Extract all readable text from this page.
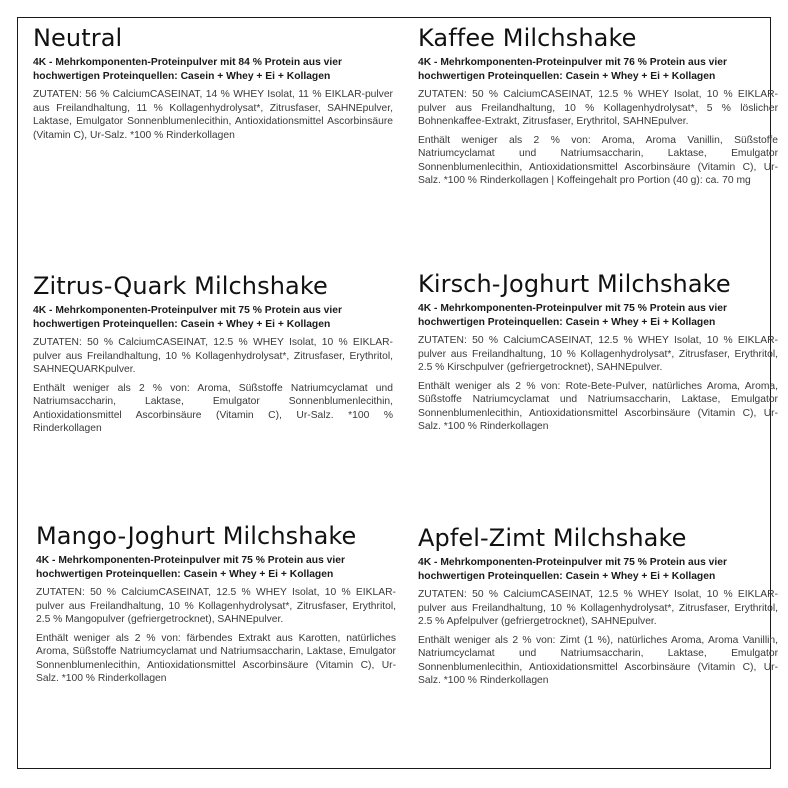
Neutral
4K - Mehrkomponenten-Proteinpulver mit 84 % Protein aus vier hochwertigen Proteinquellen: Casein + Whey + Ei + Kollagen
ZUTATEN: 56 % CalciumCASEINAT, 14 % WHEY Isolat, 11 % EIKLAR-pulver aus Freilandhaltung, 11 % Kollagenhydrolysat*, Zitrusfaser, SAHNEpulver, Laktase, Emulgator Sonnenblumenlecithin, Antioxidationsmittel Ascorbinsäure (Vitamin C), Ur-Salz. *100 % Rinderkollagen
Kaffee Milchshake
4K - Mehrkomponenten-Proteinpulver mit 76 % Protein aus vier hochwertigen Proteinquellen: Casein + Whey + Ei + Kollagen
ZUTATEN: 50 % CalciumCASEINAT, 12.5 % WHEY Isolat, 10 % EIKLAR-pulver aus Freilandhaltung, 10 % Kollagenhydrolysat*, 5 % löslicher Bohnenkaffee-Extrakt, Zitrusfaser, Erythritol, SAHNEpulver.
Enthält weniger als 2 % von: Aroma, Aroma Vanillin, Süßstoffe Natriumcyclamat und Natriumsaccharin, Laktase, Emulgator Sonnenblumenlecithin, Antioxidationsmittel Ascorbinsäure (Vitamin C), Ur-Salz. *100 % Rinderkollagen | Koffeingehalt pro Portion (40 g): ca. 70 mg
Zitrus-Quark Milchshake
4K - Mehrkomponenten-Proteinpulver mit 75 % Protein aus vier hochwertigen Proteinquellen: Casein + Whey + Ei + Kollagen
ZUTATEN: 50 % CalciumCASEINAT, 12.5 % WHEY Isolat, 10 % EIKLAR-pulver aus Freilandhaltung, 10 % Kollagenhydrolysat*, Zitrusfaser, Erythritol, SAHNEQUARKpulver.
Enthält weniger als 2 % von: Aroma, Süßstoffe Natriumcyclamat und Natriumsaccharin, Laktase, Emulgator Sonnenblumenlecithin, Antioxidationsmittel Ascorbinsäure (Vitamin C), Ur-Salz. *100 % Rinderkollagen
Kirsch-Joghurt Milchshake
4K - Mehrkomponenten-Proteinpulver mit 75 % Protein aus vier hochwertigen Proteinquellen: Casein + Whey + Ei + Kollagen
ZUTATEN: 50 % CalciumCASEINAT, 12.5 % WHEY Isolat, 10 % EIKLAR-pulver aus Freilandhaltung, 10 % Kollagenhydrolysat*, Zitrusfaser, Erythritol, 2.5 % Kirschpulver (gefriergetrocknet), SAHNEpulver.
Enthält weniger als 2 % von: Rote-Bete-Pulver, natürliches Aroma, Aroma, Süßstoffe Natriumcyclamat und Natriumsaccharin, Laktase, Emulgator Sonnenblumenlecithin, Antioxidationsmittel Ascorbinsäure (Vitamin C), Ur-Salz. *100 % Rinderkollagen
Mango-Joghurt Milchshake
4K - Mehrkomponenten-Proteinpulver mit 75 % Protein aus vier hochwertigen Proteinquellen: Casein + Whey + Ei + Kollagen
ZUTATEN: 50 % CalciumCASEINAT, 12.5 % WHEY Isolat, 10 % EIKLAR-pulver aus Freilandhaltung, 10 % Kollagenhydrolysat*, Zitrusfaser, Erythritol, 2.5 % Mangopulver (gefriergetrocknet), SAHNEpulver.
Enthält weniger als 2 % von: färbendes Extrakt aus Karotten, natürliches Aroma, Süßstoffe Natriumcyclamat und Natriumsaccharin, Laktase, Emulgator Sonnenblumenlecithin, Antioxidationsmittel Ascorbinsäure (Vitamin C), Ur-Salz. *100 % Rinderkollagen
Apfel-Zimt Milchshake
4K - Mehrkomponenten-Proteinpulver mit 75 % Protein aus vier hochwertigen Proteinquellen: Casein + Whey + Ei + Kollagen
ZUTATEN: 50 % CalciumCASEINAT, 12.5 % WHEY Isolat, 10 % EIKLAR-pulver aus Freilandhaltung, 10 % Kollagenhydrolysat*, Zitrusfaser, Erythritol, 2.5 % Apfelpulver (gefriergetrocknet), SAHNEpulver.
Enthält weniger als 2 % von: Zimt (1 %), natürliches Aroma, Aroma Vanillin, Natriumcyclamat und Natriumsaccharin, Laktase, Emulgator Sonnenblumenlecithin, Antioxidationsmittel Ascorbinsäure (Vitamin C), Ur-Salz. *100 % Rinderkollagen
